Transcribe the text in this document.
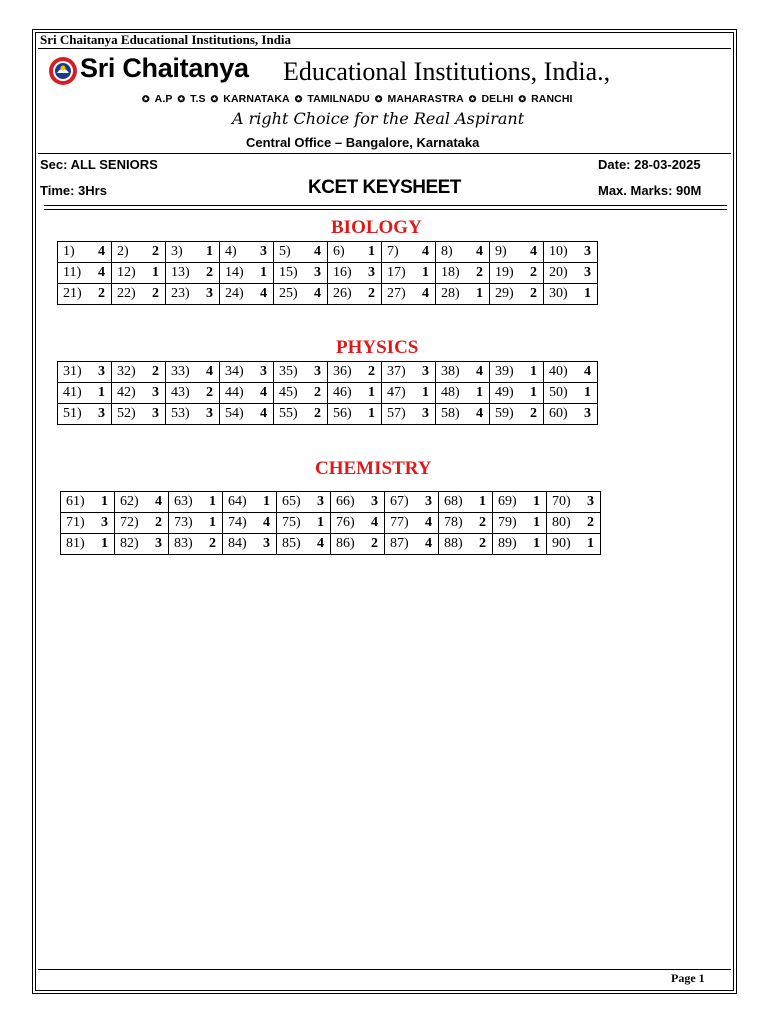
Sri Chaitanya Educational Institutions, India
Sri Chaitanya Educational Institutions, India.,
✪ A.P ✪ T.S ✪ KARNATAKA ✪ TAMILNADU ✪ MAHARASTRA ✪ DELHI ✪ RANCHI
A right Choice for the Real Aspirant
Central Office – Bangalore, Karnataka
Sec: ALL SENIORS	Date: 28-03-2025
Time: 3Hrs	KCET KEYSHEET	Max. Marks: 90M
BIOLOGY
1) 4	2) 2	3) 1	4) 3	5) 4	6) 1	7) 4	8) 4	9) 4	10) 3

11) 4	12) 1	13) 2	14) 1	15) 3	16) 3	17) 1	18) 2	19) 2	20) 3

21) 2	22) 2	23) 3	24) 4	25) 4	26) 2	27) 4	28) 1	29) 2	30) 1
PHYSICS
31) 3	32) 2	33) 4	34) 3	35) 3	36) 2	37) 3	38) 4	39) 1	40) 4

41) 1	42) 3	43) 2	44) 4	45) 2	46) 1	47) 1	48) 1	49) 1	50) 1

51) 3	52) 3	53) 3	54) 4	55) 2	56) 1	57) 3	58) 4	59) 2	60) 3
CHEMISTRY
61) 1	62) 4	63) 1	64) 1	65) 3	66) 3	67) 3	68) 1	69) 1	70) 3

71) 3	72) 2	73) 1	74) 4	75) 1	76) 4	77) 4	78) 2	79) 1	80) 2

81) 1	82) 3	83) 2	84) 3	85) 4	86) 2	87) 4	88) 2	89) 1	90) 1
Page 1
